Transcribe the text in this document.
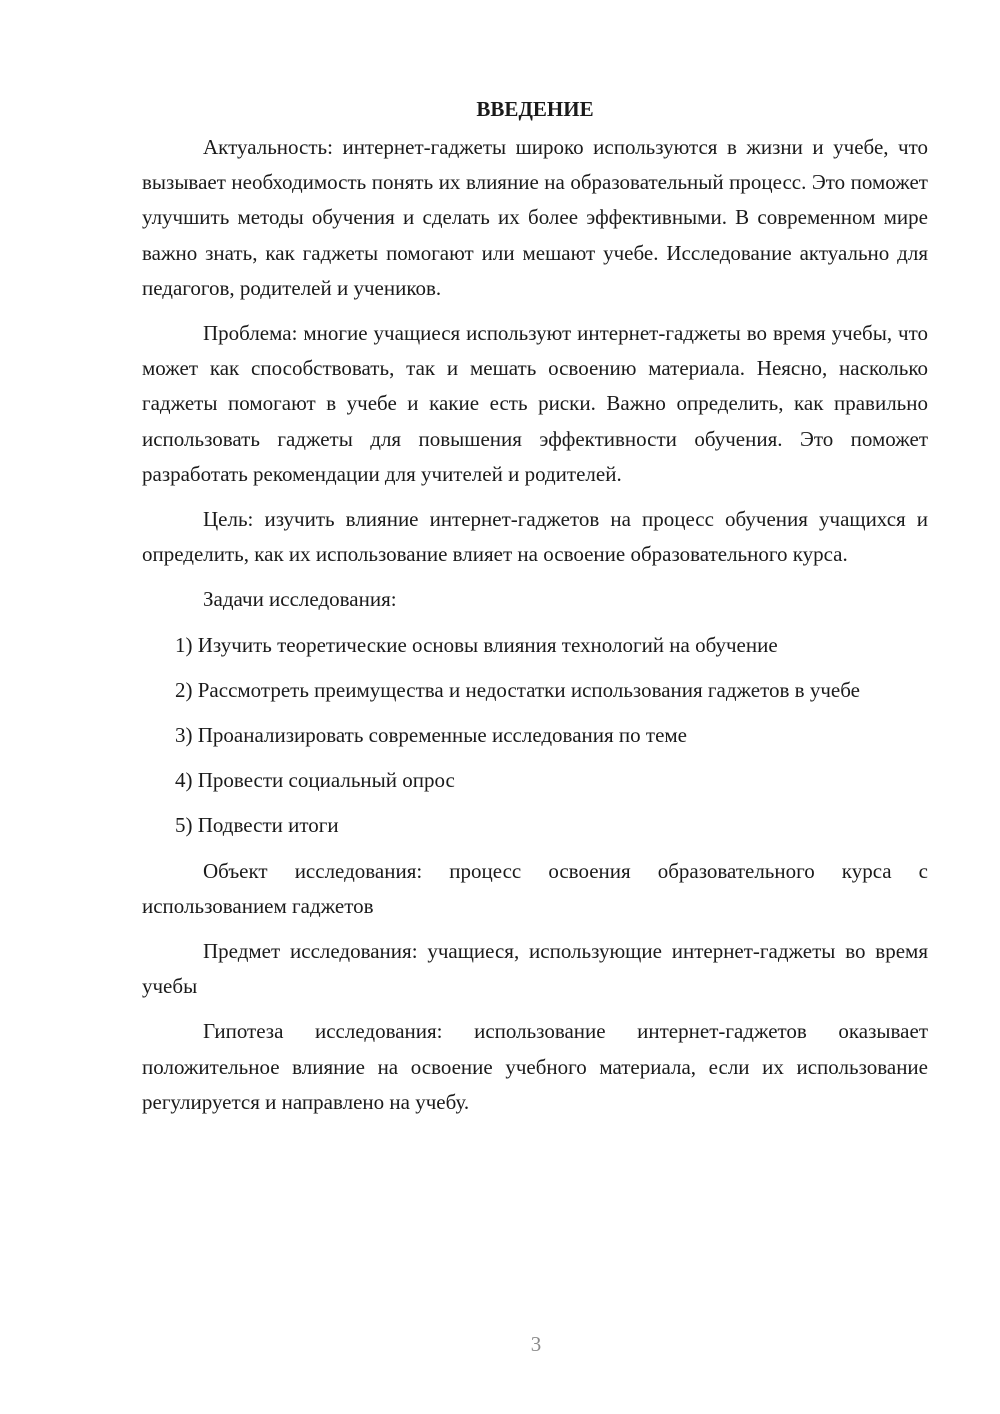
ВВЕДЕНИЕ

Актуальность: интернет-гаджеты широко используются в жизни и учебе, что вызывает необходимость понять их влияние на образовательный процесс. Это поможет улучшить методы обучения и сделать их более эффективными. В современном мире важно знать, как гаджеты помогают или мешают учебе. Исследование актуально для педагогов, родителей и учеников.

Проблема: многие учащиеся используют интернет-гаджеты во время учебы, что может как способствовать, так и мешать освоению материала. Неясно, насколько гаджеты помогают в учебе и какие есть риски. Важно определить, как правильно использовать гаджеты для повышения эффективности обучения. Это поможет разработать рекомендации для учителей и родителей.

Цель: изучить влияние интернет-гаджетов на процесс обучения учащихся и определить, как их использование влияет на освоение образовательного курса.

Задачи исследования:

1) Изучить теоретические основы влияния технологий на обучение

2) Рассмотреть преимущества и недостатки использования гаджетов в учебе

3) Проанализировать современные исследования по теме

4) Провести социальный опрос

5) Подвести итоги

Объект исследования: процесс освоения образовательного курса с использованием гаджетов

Предмет исследования: учащиеся, использующие интернет-гаджеты во время учебы

Гипотеза исследования: использование интернет-гаджетов оказывает положительное влияние на освоение учебного материала, если их использование регулируется и направлено на учебу.

3
